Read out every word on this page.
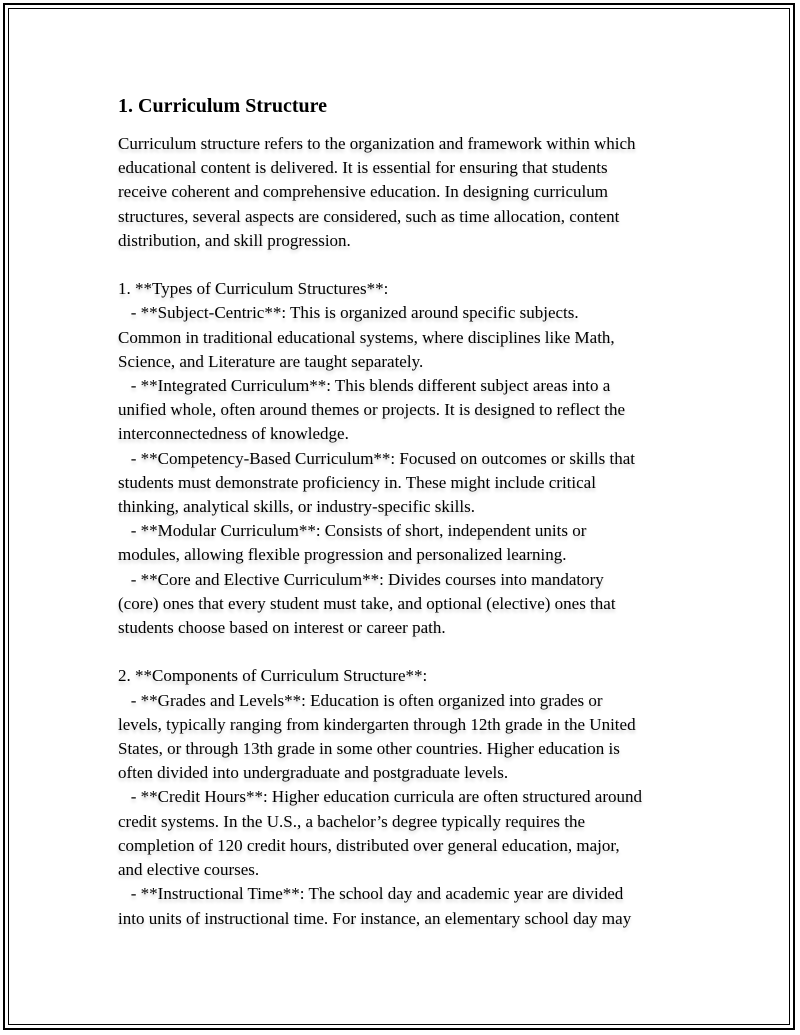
1. Curriculum Structure

Curriculum structure refers to the organization and framework within which
educational content is delivered. It is essential for ensuring that students
receive coherent and comprehensive education. In designing curriculum
structures, several aspects are considered, such as time allocation, content
distribution, and skill progression.

1. **Types of Curriculum Structures**:
- **Subject-Centric**: This is organized around specific subjects.
Common in traditional educational systems, where disciplines like Math,
Science, and Literature are taught separately.
- **Integrated Curriculum**: This blends different subject areas into a
unified whole, often around themes or projects. It is designed to reflect the
interconnectedness of knowledge.
- **Competency-Based Curriculum**: Focused on outcomes or skills that
students must demonstrate proficiency in. These might include critical
thinking, analytical skills, or industry-specific skills.
- **Modular Curriculum**: Consists of short, independent units or
modules, allowing flexible progression and personalized learning.
- **Core and Elective Curriculum**: Divides courses into mandatory
(core) ones that every student must take, and optional (elective) ones that
students choose based on interest or career path.

2. **Components of Curriculum Structure**:
- **Grades and Levels**: Education is often organized into grades or
levels, typically ranging from kindergarten through 12th grade in the United
States, or through 13th grade in some other countries. Higher education is
often divided into undergraduate and postgraduate levels.
- **Credit Hours**: Higher education curricula are often structured around
credit systems. In the U.S., a bachelor’s degree typically requires the
completion of 120 credit hours, distributed over general education, major,
and elective courses.
- **Instructional Time**: The school day and academic year are divided
into units of instructional time. For instance, an elementary school day may
